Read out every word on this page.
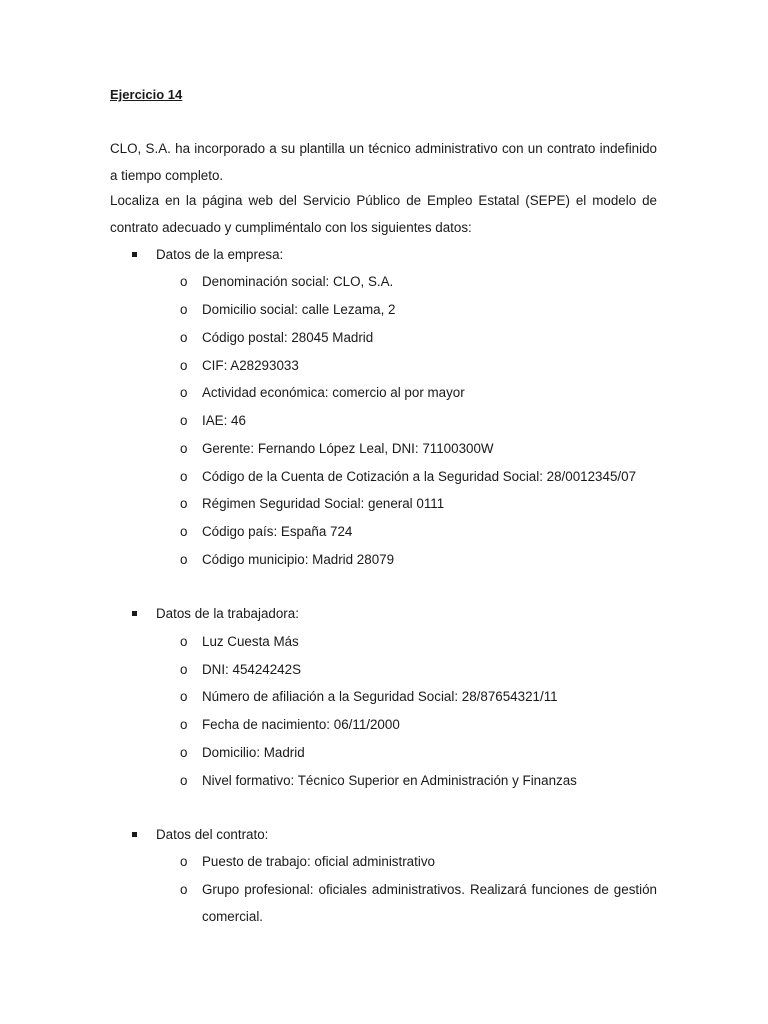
Ejercicio 14
CLO, S.A. ha incorporado a su plantilla un técnico administrativo con un contrato indefinido a tiempo completo.
Localiza en la página web del Servicio Público de Empleo Estatal (SEPE) el modelo de contrato adecuado y cumpliméntalo con los siguientes datos:
Datos de la empresa:
o Denominación social: CLO, S.A.
o Domicilio social: calle Lezama, 2
o Código postal: 28045 Madrid
o CIF: A28293033
o Actividad económica: comercio al por mayor
o IAE: 46
o Gerente: Fernando López Leal, DNI: 71100300W
o Código de la Cuenta de Cotización a la Seguridad Social: 28/0012345/07
o Régimen Seguridad Social: general 0111
o Código país: España 724
o Código municipio: Madrid 28079
Datos de la trabajadora:
o Luz Cuesta Más
o DNI: 45424242S
o Número de afiliación a la Seguridad Social: 28/87654321/11
o Fecha de nacimiento: 06/11/2000
o Domicilio: Madrid
o Nivel formativo: Técnico Superior en Administración y Finanzas
Datos del contrato:
o Puesto de trabajo: oficial administrativo
o Grupo profesional: oficiales administrativos. Realizará funciones de gestión comercial.
